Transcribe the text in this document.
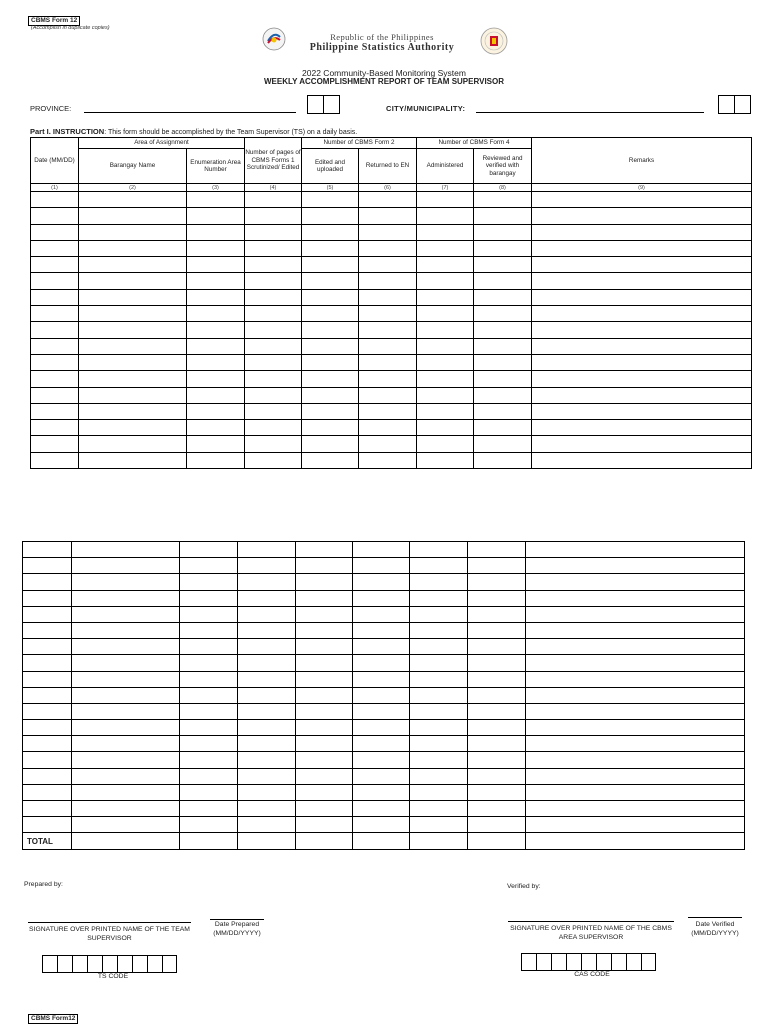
CBMS Form 12
(Accomplish in duplicate copies)
Republic of the Philippines
Philippine Statistics Authority
2022 Community-Based Monitoring System
WEEKLY ACCOMPLISHMENT REPORT OF TEAM SUPERVISOR
PROVINCE:	CITY/MUNICIPALITY:
Part I. INSTRUCTION: This form should be accomplished by the Team Supervisor (TS) on a daily basis.
Date (MM/DD)	Area of Assignment		Number of pages of CBMS Forms 1 Scrutinized/ Edited	Number of CBMS Form 2		Number of CBMS Form 4		Remarks
	Barangay Name	Enumeration Area Number		Edited and uploaded	Returned to EN	Administered	Reviewed and verified with barangay	
(1)	(2)	(3)	(4)	(5)	(6)	(7)	(8)	(9)

TOTAL								
Prepared by:	Verified by:
SIGNATURE OVER PRINTED NAME OF THE TEAM SUPERVISOR
Date Prepared
(MM/DD/YYYY)
TS CODE
SIGNATURE OVER PRINTED NAME OF THE CBMS AREA SUPERVISOR
Date Verified
(MM/DD/YYYY)
CAS CODE
CBMS Form12
